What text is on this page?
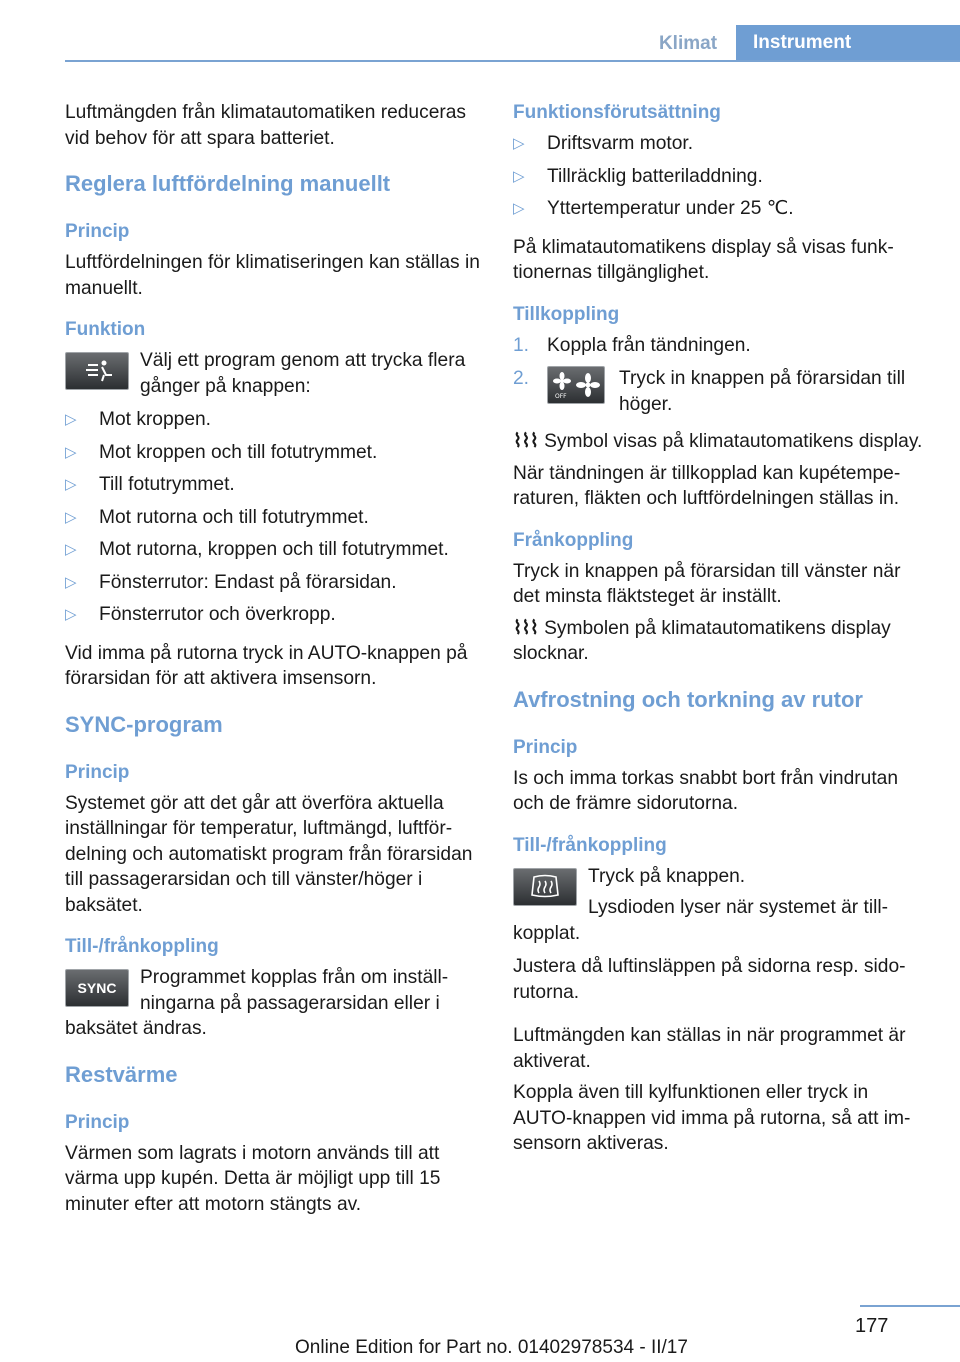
Klimat	Instrument

Luftmängden från klimatautomatiken reduceras vid behov för att spara batteriet.

Reglera luftfördelning manuellt
Princip

Luftfördelningen för klimatiseringen kan ställas in manuellt.

Funktion
Välj ett program genom att trycka flera gånger på knappen:
▷ Mot kroppen.
▷ Mot kroppen och till fotutrymmet.
▷ Till fotutrymmet.
▷ Mot rutorna och till fotutrymmet.
▷ Mot rutorna, kroppen och till fotutrymmet.
▷ Fönsterrutor: Endast på förarsidan.
▷ Fönsterrutor och överkropp.

Vid imma på rutorna tryck in AUTO-knappen på förarsidan för att aktivera imsensorn.

SYNC-program
Princip

Systemet gör att det går att överföra aktuella inställningar för temperatur, luftmängd, luftfördelning och automatiskt program från förarsidan till passagerarsidan och till vänster/höger i baksätet.

Till-/frånkoppling
SYNC	Programmet kopplas från om inställningarna på passagerarsidan eller i baksätet ändras.
Restvärme
Princip

Värmen som lagrats i motorn används till att värma upp kupén. Detta är möjligt upp till 15 minuter efter att motorn stängts av.

Funktionsförutsättning
▷ Driftsvarm motor.
▷ Tillräcklig batteriladdning.
▷ Yttertemperatur under 25 ℃.

På klimatautomatikens display så visas funktionernas tillgänglighet.

Tillkoppling
1. Koppla från tändningen.
2.
OFF
Tryck in knappen på förarsidan till höger.

⌇⌇⌇ Symbol visas på klimatautomatikens display.

När tändningen är tillkopplad kan kupétemperaturen, fläkten och luftfördelningen ställas in.

Frånkoppling

Tryck in knappen på förarsidan till vänster när det minsta fläktsteget är inställt.

⌇⌇⌇ Symbolen på klimatautomatikens display slocknar.

Avfrostning och torkning av rutor
Princip

Is och imma torkas snabbt bort från vindrutan och de främre sidorutorna.

Till-/frånkoppling

Tryck på knappen.

Lysdioden lyser när systemet är tillkopplat.

Justera då luftinsläppen på sidorna resp. sidorutorna.

Luftmängden kan ställas in när programmet är aktiverat.

Koppla även till kylfunktionen eller tryck in AUTO-knappen vid imma på rutorna, så att imsensorn aktiveras.

177
Online Edition for Part no. 01402978534 - II/17
